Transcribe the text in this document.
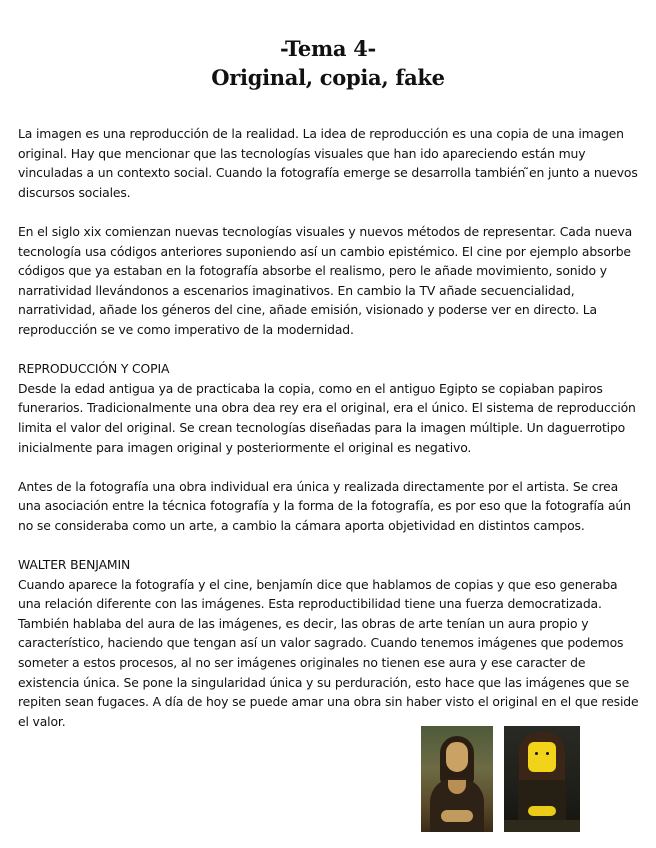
-Tema 4-
Original, copia, fake

La imagen es una reproducción de la realidad. La idea de reproducción es una copia de una imagen original. Hay que mencionar que las tecnologías visuales que han ido apareciendo están muy vinculadas a un contexto social. Cuando la fotografía emerge se desarrolla también ̃en junto a nuevos discursos sociales.

En el siglo xix comienzan nuevas tecnologías visuales y nuevos métodos de representar. Cada nueva tecnología usa códigos anteriores suponiendo así un cambio epistémico. El cine por ejemplo absorbe códigos que ya estaban en la fotografía absorbe el realismo, pero le añade movimiento, sonido y narratividad llevándonos a escenarios imaginativos. En cambio la TV añade secuencialidad, narratividad, añade los géneros del cine, añade emisión, visionado y poderse ver en directo. La reproducción se ve como imperativo de la modernidad.

REPRODUCCIÓN Y COPIA

Desde la edad antigua ya de practicaba la copia, como en el antiguo Egipto se copiaban papiros funerarios. Tradicionalmente una obra dea rey era el original, era el único. El sistema de reproducción limita el valor del original. Se crean tecnologías diseñadas para la imagen múltiple. Un daguerrotipo inicialmente para imagen original y posteriormente el original es negativo.

Antes de la fotografía una obra individual era única y realizada directamente por el artista. Se crea una asociación entre la técnica fotografía y la forma de la fotografía, es por eso que la fotografía aún no se consideraba como un arte, a cambio la cámara aporta objetividad en distintos campos.

WALTER BENJAMIN

Cuando aparece la fotografía y el cine, benjamín dice que hablamos de copias y que eso generaba una relación diferente con las imágenes. Esta reproductibilidad tiene una fuerza democratizada. También hablaba del aura de las imágenes, es decir, las obras de arte tenían un aura propio y característico, haciendo que tengan así un valor sagrado. Cuando tenemos imágenes que podemos someter a estos procesos, al no ser imágenes originales no tienen ese aura y ese caracter de existencia única. Se pone la singularidad única y su perduración, esto hace que las imágenes que se repiten sean fugaces. A día de hoy se puede amar una obra sin haber visto el original en el que reside el valor.
